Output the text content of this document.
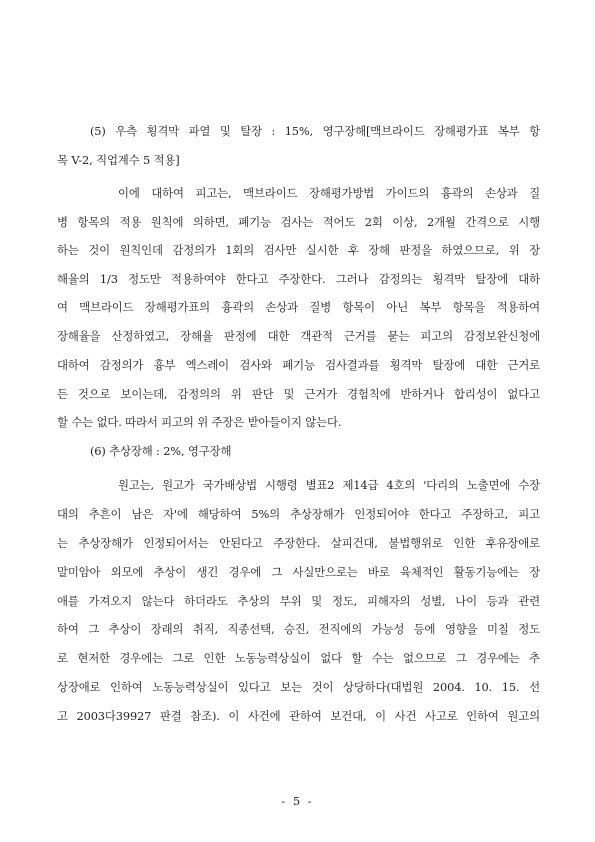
(5) 우측 횡격막 파열 및 탈장 : 15%, 영구장해[맥브라이드 장해평가표 복부 항
목 V-2, 직업계수 5 적용]
이에 대하여 피고는, 맥브라이드 장해평가방법 가이드의 흉곽의 손상과 질
병 항목의 적용 원칙에 의하면, 폐기능 검사는 적어도 2회 이상, 2개월 간격으로 시행
하는 것이 원칙인데 감정의가 1회의 검사만 실시한 후 장해 판정을 하였으므로, 위 장
해율의 1/3 정도만 적용하여야 한다고 주장한다. 그러나 감정의는 횡격막 탈장에 대하
여 맥브라이드 장해평가표의 흉곽의 손상과 질병 항목이 아닌 복부 항목을 적용하여
장해율을 산정하였고, 장해율 판정에 대한 객관적 근거를 묻는 피고의 감정보완신청에
대하여 감정의가 흉부 엑스레이 검사와 폐기능 검사결과를 횡격막 탈장에 대한 근거로
든 것으로 보이는데, 감정의의 위 판단 및 근거가 경험칙에 반하거나 합리성이 없다고
할 수는 없다. 따라서 피고의 위 주장은 받아들이지 않는다.
(6) 추상장해 : 2%, 영구장해
원고는, 원고가 국가배상법 시행령 별표2 제14급 4호의 '다리의 노출면에 수장
대의 추흔이 남은 자'에 해당하여 5%의 추상장해가 인정되어야 한다고 주장하고, 피고
는 추상장해가 인정되어서는 안된다고 주장한다. 살피건대, 불법행위로 인한 후유장애로
말미암아 외모에 추상이 생긴 경우에 그 사실만으로는 바로 육체적인 활동기능에는 장
애를 가져오지 않는다 하더라도 추상의 부위 및 정도, 피해자의 성별, 나이 등과 관련
하여 그 추상이 장래의 취직, 직종선택, 승진, 전직에의 가능성 등에 영향을 미칠 정도
로 현저한 경우에는 그로 인한 노동능력상실이 없다 할 수는 없으므로 그 경우에는 추
상장애로 인하여 노동능력상실이 있다고 보는 것이 상당하다(대법원 2004. 10. 15. 선
고 2003다39927 판결 참조). 이 사건에 관하여 보건대, 이 사건 사고로 인하여 원고의
- 5 -
